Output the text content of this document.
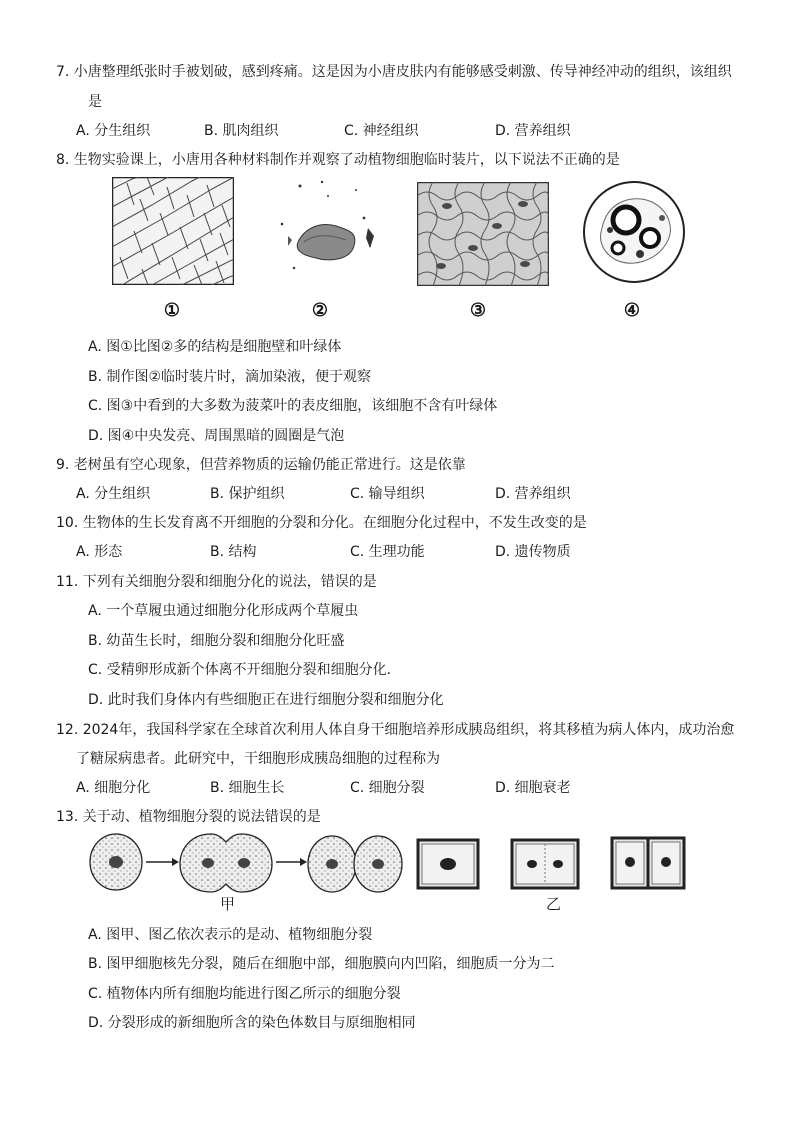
7. 小唐整理纸张时手被划破，感到疼痛。这是因为小唐皮肤内有能够感受刺激、传导神经冲动的组织，该组织
是
A. 分生组织	B. 肌肉组织	C. 神经组织	D. 营养组织
8. 生物实验课上，小唐用各种材料制作并观察了动植物细胞临时装片，以下说法不正确的是
①	②	③	④
A. 图①比图②多的结构是细胞壁和叶绿体
B. 制作图②临时装片时，滴加染液，便于观察
C. 图③中看到的大多数为菠菜叶的表皮细胞，该细胞不含有叶绿体
D. 图④中央发亮、周围黑暗的圆圈是气泡
9. 老树虽有空心现象，但营养物质的运输仍能正常进行。这是依靠
A. 分生组织	B. 保护组织	C. 输导组织	D. 营养组织
10. 生物体的生长发育离不开细胞的分裂和分化。在细胞分化过程中，不发生改变的是
A. 形态	B. 结构	C. 生理功能	D. 遗传物质
11. 下列有关细胞分裂和细胞分化的说法，错误的是
A. 一个草履虫通过细胞分化形成两个草履虫
B. 幼苗生长时，细胞分裂和细胞分化旺盛
C. 受精卵形成新个体离不开细胞分裂和细胞分化.
D. 此时我们身体内有些细胞正在进行细胞分裂和细胞分化
12. 2024年，我国科学家在全球首次利用人体自身干细胞培养形成胰岛组织，将其移植为病人体内，成功治愈
了糖尿病患者。此研究中，干细胞形成胰岛细胞的过程称为
A. 细胞分化	B. 细胞生长	C. 细胞分裂	D. 细胞衰老
13. 关于动、植物细胞分裂的说法错误的是
甲	乙
A. 图甲、图乙依次表示的是动、植物细胞分裂
B. 图甲细胞核先分裂，随后在细胞中部，细胞膜向内凹陷，细胞质一分为二
C. 植物体内所有细胞均能进行图乙所示的细胞分裂
D. 分裂形成的新细胞所含的染色体数目与原细胞相同
